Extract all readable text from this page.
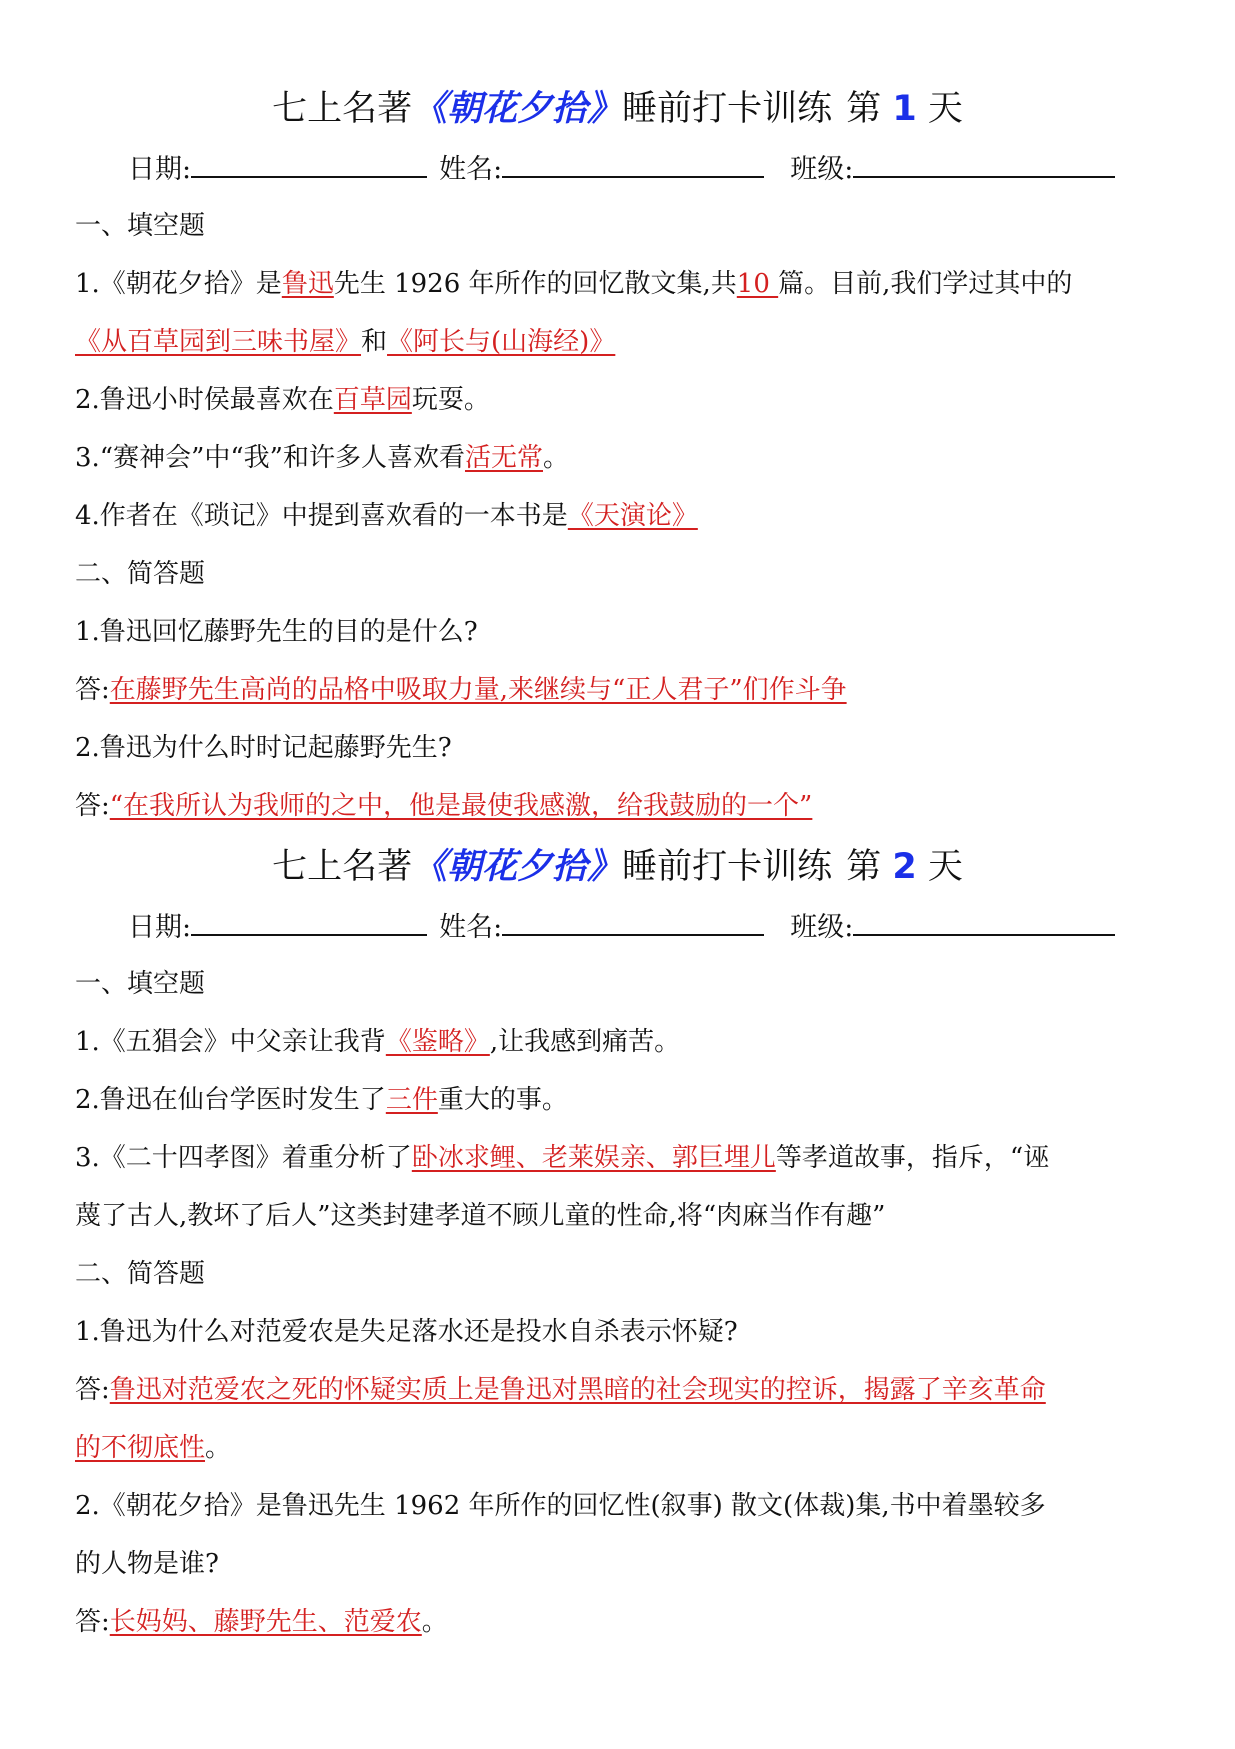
七上名著《朝花夕拾》睡前打卡训练 第 1 天
日期:	姓名:	班级:
一、填空题
1.《朝花夕拾》是鲁迅先生 1926 年所作的回忆散文集,共10 篇。目前,我们学过其中的
《从百草园到三味书屋》和《阿长与(山海经)》
2.鲁迅小时侯最喜欢在百草园玩耍。
3.“赛神会”中“我”和许多人喜欢看活无常。
4.作者在《琐记》中提到喜欢看的一本书是《天演论》
二、简答题
1.鲁迅回忆藤野先生的目的是什么?
答:在藤野先生高尚的品格中吸取力量,来继续与“正人君子”们作斗争
2.鲁迅为什么时时记起藤野先生?
答:“在我所认为我师的之中，他是最使我感激，给我鼓励的一个”
七上名著《朝花夕拾》睡前打卡训练 第 2 天
日期:	姓名:	班级:
一、填空题
1.《五猖会》中父亲让我背《鉴略》,让我感到痛苦。
2.鲁迅在仙台学医时发生了三件重大的事。
3.《二十四孝图》着重分析了卧冰求鲤、老莱娱亲、郭巨埋儿等孝道故事，指斥，“诬
蔑了古人,教坏了后人”这类封建孝道不顾儿童的性命,将“肉麻当作有趣”
二、简答题
1.鲁迅为什么对范爱农是失足落水还是投水自杀表示怀疑?
答:鲁迅对范爱农之死的怀疑实质上是鲁迅对黑暗的社会现实的控诉，揭露了辛亥革命
的不彻底性。
2.《朝花夕拾》是鲁迅先生 1962 年所作的回忆性(叙事) 散文(体裁)集,书中着墨较多
的人物是谁?
答:长妈妈、藤野先生、范爱农。
